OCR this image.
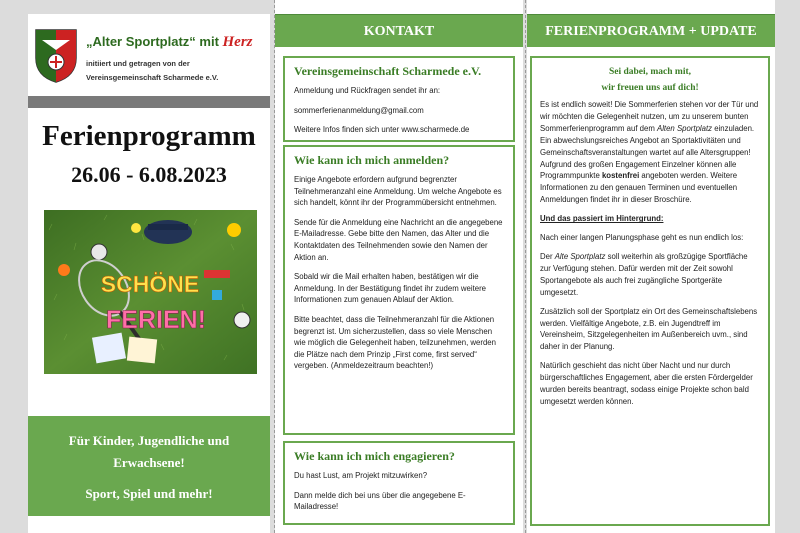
„Alter Sportplatz“ mit Herz
initiiert und getragen von der
Vereinsgemeinschaft Scharmede e.V.
Ferienprogramm
26.06 - 6.08.2023
SCHÖNE
FERIEN!
Für Kinder, Jugendliche und
Erwachsene!
Sport, Spiel und mehr!
KONTAKT
Vereinsgemeinschaft Scharmede e.V.

Anmeldung und Rückfragen sendet ihr an:

sommerferienanmeldung@gmail.com

Weitere Infos finden sich unter www.scharmede.de

Wie kann ich mich anmelden?

Einige Angebote erfordern aufgrund begrenzter Teilnehmeranzahl eine Anmeldung. Um welche Angebote es sich handelt, könnt ihr der Programmübersicht entnehmen.

Sende für die Anmeldung eine Nachricht an die angegebene E-Mailadresse. Gebe bitte den Namen, das Alter und die Kontaktdaten des Teilnehmenden sowie den Namen der Aktion an.

Sobald wir die Mail erhalten haben, bestätigen wir die Anmeldung. In der Bestätigung findet ihr zudem weitere Informationen zum genauen Ablauf der Aktion.

Bitte beachtet, dass die Teilnehmeranzahl für die Aktionen begrenzt ist. Um sicherzustellen, dass so viele Menschen wie möglich die Gelegenheit haben, teilzunehmen, werden die Plätze nach dem Prinzip „First come, first served“ vergeben. (Anmeldezeitraum beachten!)

Wie kann ich mich engagieren?

Du hast Lust, am Projekt mitzuwirken?

Dann melde dich bei uns über die angegebene E-Mailadresse!

FERIENPROGRAMM + UPDATE
Sei dabei, mach mit,
wir freuen uns auf dich!

Es ist endlich soweit! Die Sommerferien stehen vor der Tür und wir möchten die Gelegenheit nutzen, um zu unserem bunten Sommerferienprogramm auf dem Alten Sportplatz einzuladen. Ein abwechslungsreiches Angebot an Sportaktivitäten und Gemeinschaftsveranstaltungen wartet auf alle Altersgruppen! Aufgrund des großen Engagement Einzelner können alle Programmpunkte kostenfrei angeboten werden. Weitere Informationen zu den genauen Terminen und eventuellen Anmeldungen findet ihr in dieser Broschüre.

Und das passiert im Hintergrund:

Nach einer langen Planungsphase geht es nun endlich los:

Der Alte Sportplatz soll weiterhin als großzügige Sportfläche zur Verfügung stehen. Dafür werden mit der Zeit sowohl Sportangebote als auch frei zugängliche Sportgeräte umgesetzt.

Zusätzlich soll der Sportplatz ein Ort des Gemeinschaftslebens werden. Vielfältige Angebote, z.B. ein Jugendtreff im Vereinsheim, Sitzgelegenheiten im Außenbereich uvm., sind daher in der Planung.

Natürlich geschieht das nicht über Nacht und nur durch bürgerschaftliches Engagement, aber die ersten Fördergelder wurden bereits beantragt, sodass einige Projekte schon bald umgesetzt werden können.
